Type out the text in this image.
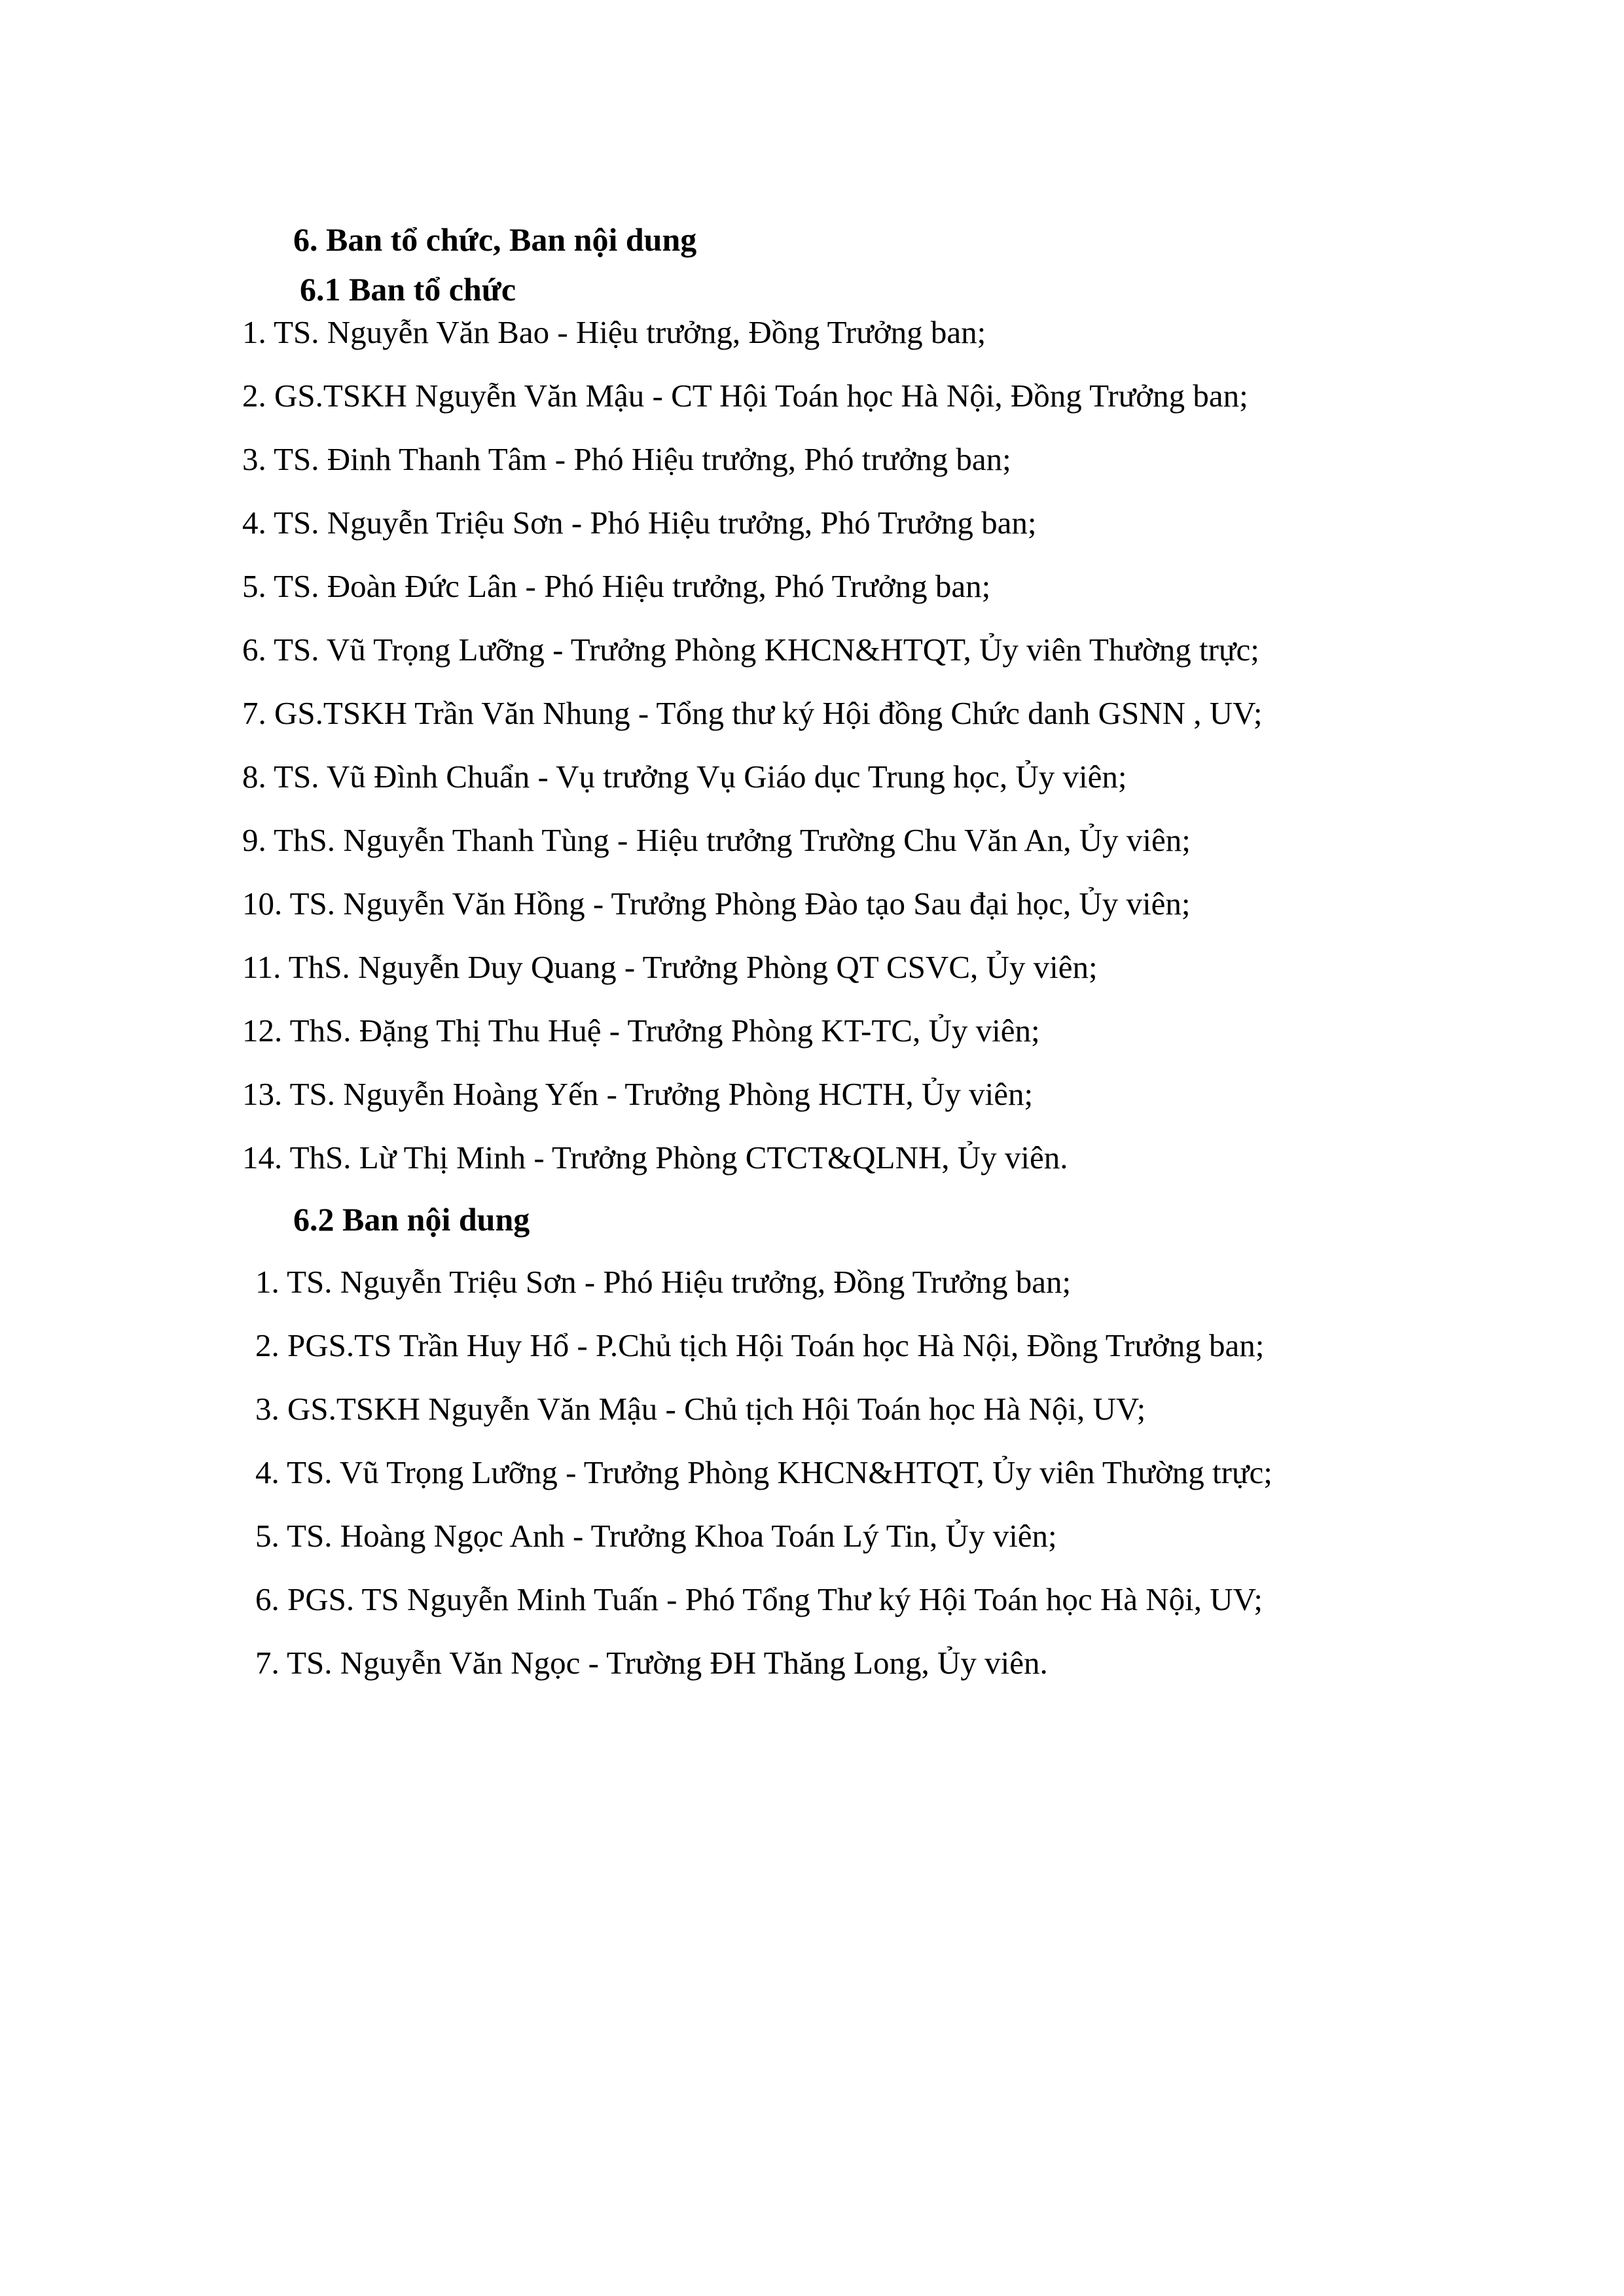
6. Ban tổ chức, Ban nội dung
6.1 Ban tổ chức
1. TS. Nguyễn Văn Bao - Hiệu trưởng, Đồng Trưởng ban;
2. GS.TSKH Nguyễn Văn Mậu - CT Hội Toán học Hà Nội, Đồng Trưởng ban;
3. TS. Đinh Thanh Tâm - Phó Hiệu trưởng, Phó trưởng ban;
4. TS. Nguyễn Triệu Sơn - Phó Hiệu trưởng, Phó Trưởng ban;
5. TS. Đoàn Đức Lân - Phó Hiệu trưởng, Phó Trưởng ban;
6. TS. Vũ Trọng Lưỡng - Trưởng Phòng KHCN&HTQT, Ủy viên Thường trực;
7. GS.TSKH Trần Văn Nhung - Tổng thư ký Hội đồng Chức danh GSNN , UV;
8. TS. Vũ Đình Chuẩn - Vụ trưởng Vụ Giáo dục Trung học, Ủy viên;
9. ThS. Nguyễn Thanh Tùng - Hiệu trưởng Trường Chu Văn An, Ủy viên;
10. TS. Nguyễn Văn Hồng - Trưởng Phòng Đào tạo Sau đại học, Ủy viên;
11. ThS. Nguyễn Duy Quang - Trưởng Phòng QT CSVC, Ủy viên;
12. ThS. Đặng Thị Thu Huệ - Trưởng Phòng KT-TC, Ủy viên;
13. TS. Nguyễn Hoàng Yến - Trưởng Phòng HCTH, Ủy viên;
14. ThS. Lừ Thị Minh - Trưởng Phòng CTCT&QLNH, Ủy viên.
6.2 Ban nội dung
1. TS. Nguyễn Triệu Sơn - Phó Hiệu trưởng, Đồng Trưởng ban;
2. PGS.TS Trần Huy Hổ - P.Chủ tịch Hội Toán học Hà Nội, Đồng Trưởng ban;
3. GS.TSKH Nguyễn Văn Mậu - Chủ tịch Hội Toán học Hà Nội, UV;
4. TS. Vũ Trọng Lưỡng - Trưởng Phòng KHCN&HTQT, Ủy viên Thường trực;
5. TS. Hoàng Ngọc Anh - Trưởng Khoa Toán Lý Tin, Ủy viên;
6. PGS. TS Nguyễn Minh Tuấn - Phó Tổng Thư ký Hội Toán học Hà Nội, UV;
7. TS. Nguyễn Văn Ngọc - Trường ĐH Thăng Long, Ủy viên.
